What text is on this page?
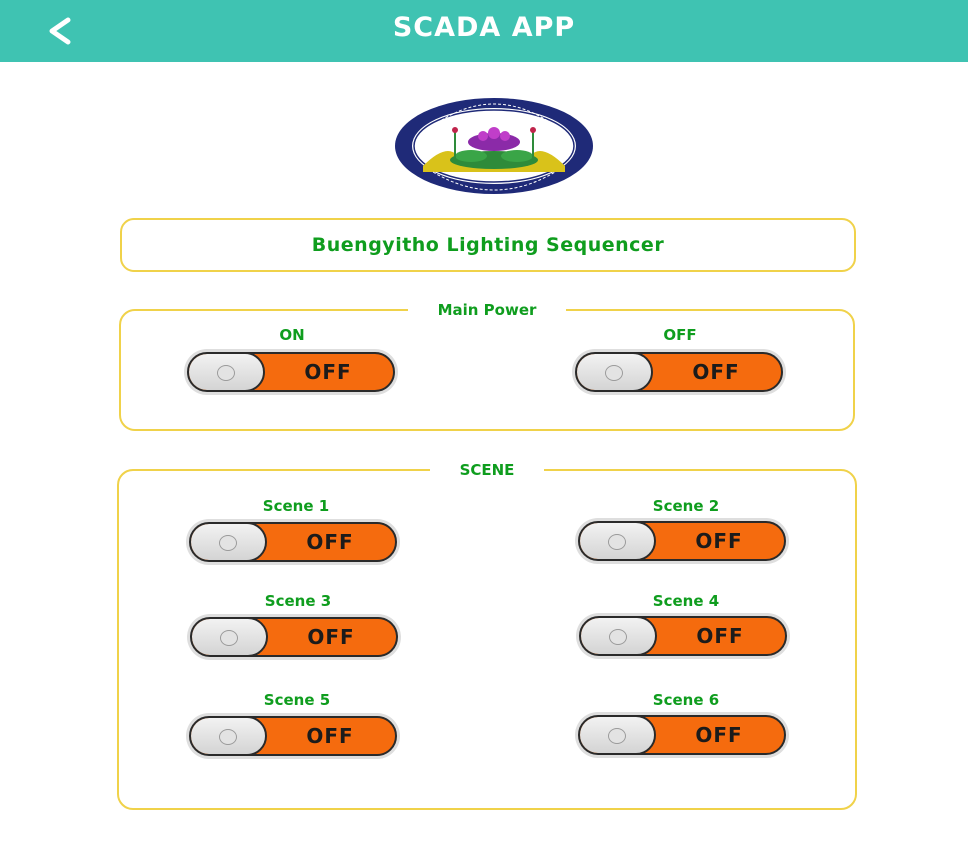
SCADA APP
Buengyitho Lighting Sequencer
Main Power
ON
OFF
OFF
OFF
SCENE
Scene 1
OFF
Scene 2
OFF
Scene 3
OFF
Scene 4
OFF
Scene 5
OFF
Scene 6
OFF
